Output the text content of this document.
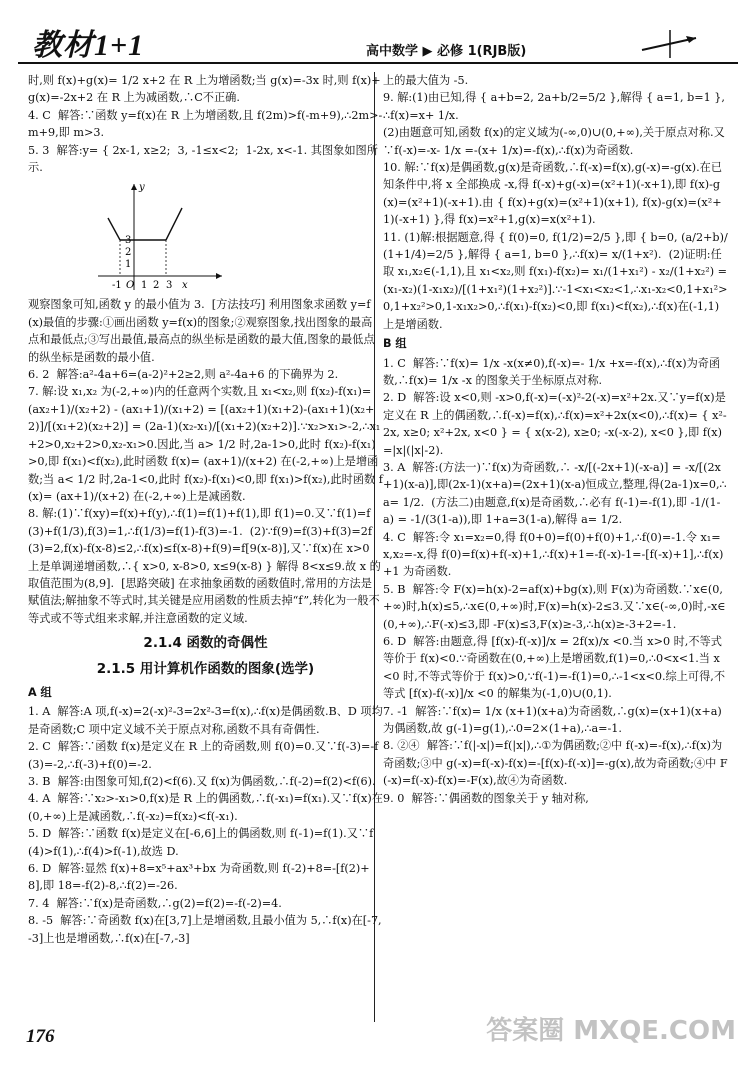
教材1+1	高中数学 ▶ 必修 1(RJB版)

时,则 f(x)+g(x)= 1/2 x+2 在 R 上为增函数;当 g(x)=-3x 时,则 f(x)+g(x)=-2x+2 在 R 上为减函数,∴C不正确.

4. C  解答:∵函数 y=f(x)在 R 上为增函数,且 f(2m)>f(-m+9),∴2m>-m+9,即 m>3.

5. 3  解答:y= { 2x-1, x≥2;  3, -1≤x<2;  1-2x, x<-1. 其图象如图所示.

y
3
2
1
-1 O 1 2 3 x

观察图象可知,函数 y 的最小值为 3.  [方法技巧] 利用图象求函数 y=f(x)最值的步骤:①画出函数 y=f(x)的图象;②观察图象,找出图象的最高点和最低点;③写出最值,最高点的纵坐标是函数的最大值,图象的最低点的纵坐标是函数的最小值.

6. 2  解答:a²-4a+6=(a-2)²+2≥2,则 a²-4a+6 的下确界为 2.

7. 解:设 x₁,x₂ 为(-2,+∞)内的任意两个实数,且 x₁<x₂,则 f(x₂)-f(x₁)= (ax₂+1)/(x₂+2) - (ax₁+1)/(x₁+2) = [(ax₂+1)(x₁+2)-(ax₁+1)(x₂+2)]/[(x₁+2)(x₂+2)] = (2a-1)(x₂-x₁)/[(x₁+2)(x₂+2)].∵x₂>x₁>-2,∴x₁+2>0,x₂+2>0,x₂-x₁>0.因此,当 a> 1/2 时,2a-1>0,此时 f(x₂)-f(x₁)>0,即 f(x₁)<f(x₂),此时函数 f(x)= (ax+1)/(x+2) 在(-2,+∞)上是增函数;当 a< 1/2 时,2a-1<0,此时 f(x₂)-f(x₁)<0,即 f(x₁)>f(x₂),此时函数 f(x)= (ax+1)/(x+2) 在(-2,+∞)上是减函数.

8. 解:(1)∵f(xy)=f(x)+f(y),∴f(1)=f(1)+f(1),即 f(1)=0.又∵f(1)=f(3)+f(1/3),f(3)=1,∴f(1/3)=f(1)-f(3)=-1.  (2)∵f(9)=f(3)+f(3)=2f(3)=2,f(x)-f(x-8)≤2,∴f(x)≤f(x-8)+f(9)=f[9(x-8)],又∵f(x)在 x>0 上是单调递增函数,∴{ x>0, x-8>0, x≤9(x-8) } 解得 8<x≤9.故 x 的取值范围为(8,9].  [思路突破] 在求抽象函数的函数值时,常用的方法是赋值法;解抽象不等式时,其关键是应用函数的性质去掉“f”,转化为一般不等式或不等式组来求解,并注意函数的定义域.

2.1.4 函数的奇偶性
2.1.5 用计算机作函数的图象(选学)
A 组

1. A  解答:A 项,f(-x)=2(-x)²-3=2x²-3=f(x),∴f(x)是偶函数.B、D 项均是奇函数;C 项中定义域不关于原点对称,函数不具有奇偶性.

2. C  解答:∵函数 f(x)是定义在 R 上的奇函数,则 f(0)=0.又∵f(-3)=-f(3)=-2,∴f(-3)+f(0)=-2.

3. B  解答:由图象可知,f(2)<f(6).又 f(x)为偶函数,∴f(-2)=f(2)<f(6).

4. A  解答:∵x₂>-x₁>0,f(x)是 R 上的偶函数,∴f(-x₁)=f(x₁).又∵f(x)在(0,+∞)上是减函数,∴f(-x₂)=f(x₂)<f(-x₁).

5. D  解答:∵函数 f(x)是定义在[-6,6]上的偶函数,则 f(-1)=f(1).又∵f(4)>f(1),∴f(4)>f(-1),故选 D.

6. D  解答:显然 f(x)+8=x⁵+ax³+bx 为奇函数,则 f(-2)+8=-[f(2)+8],即 18=-f(2)-8,∴f(2)=-26.

7. 4  解答:∵f(x)是奇函数,∴g(2)=f(2)=-f(-2)=4.

8. -5  解答:∵奇函数 f(x)在[3,7]上是增函数,且最小值为 5,∴f(x)在[-7,-3]上也是增函数,∴f(x)在[-7,-3]

上的最大值为 -5.

9. 解:(1)由已知,得 { a+b=2, 2a+b/2=5/2 },解得 { a=1, b=1 },∴f(x)=x+ 1/x.

(2)由题意可知,函数 f(x)的定义域为(-∞,0)∪(0,+∞),关于原点对称.又∵f(-x)=-x- 1/x =-(x+ 1/x)=-f(x),∴f(x)为奇函数.

10. 解:∵f(x)是偶函数,g(x)是奇函数,∴f(-x)=f(x),g(-x)=-g(x).在已知条件中,将 x 全部换成 -x,得 f(-x)+g(-x)=(x²+1)(-x+1),即 f(x)-g(x)=(x²+1)(-x+1).由 { f(x)+g(x)=(x²+1)(x+1), f(x)-g(x)=(x²+1)(-x+1) },得 f(x)=x²+1,g(x)=x(x²+1).

11. (1)解:根据题意,得 { f(0)=0, f(1/2)=2/5 },即 { b=0, (a/2+b)/(1+1/4)=2/5 },解得 { a=1, b=0 },∴f(x)= x/(1+x²).  (2)证明:任取 x₁,x₂∈(-1,1),且 x₁<x₂,则 f(x₁)-f(x₂)= x₁/(1+x₁²) - x₂/(1+x₂²) = (x₁-x₂)(1-x₁x₂)/[(1+x₁²)(1+x₂²)].∵-1<x₁<x₂<1,∴x₁-x₂<0,1+x₁²>0,1+x₂²>0,1-x₁x₂>0,∴f(x₁)-f(x₂)<0,即 f(x₁)<f(x₂),∴f(x)在(-1,1)上是增函数.

B 组

1. C  解答:∵f(x)= 1/x -x(x≠0),f(-x)=- 1/x +x=-f(x),∴f(x)为奇函数,∴f(x)= 1/x -x 的图象关于坐标原点对称.

2. D  解答:设 x<0,则 -x>0,f(-x)=(-x)²-2(-x)=x²+2x.又∵y=f(x)是定义在 R 上的偶函数,∴f(-x)=f(x),∴f(x)=x²+2x(x<0),∴f(x)= { x²-2x, x≥0; x²+2x, x<0 } = { x(x-2), x≥0; -x(-x-2), x<0 },即 f(x)=|x|(|x|-2).

3. A  解答:(方法一)∵f(x)为奇函数,∴ -x/[(-2x+1)(-x-a)] = -x/[(2x+1)(x-a)],即(2x-1)(x+a)=(2x+1)(x-a)恒成立,整理,得(2a-1)x=0,∴a= 1/2.  (方法二)由题意,f(x)是奇函数,∴必有 f(-1)=-f(1),即 -1/(1-a) = -1/(3(1-a)),即 1+a=3(1-a),解得 a= 1/2.

4. C  解答:令 x₁=x₂=0,得 f(0+0)=f(0)+f(0)+1,∴f(0)=-1.令 x₁=x,x₂=-x,得 f(0)=f(x)+f(-x)+1,∴f(x)+1=-f(-x)-1=-[f(-x)+1],∴f(x)+1 为奇函数.

5. B  解答:令 F(x)=h(x)-2=af(x)+bg(x),则 F(x)为奇函数.∵x∈(0,+∞)时,h(x)≤5,∴x∈(0,+∞)时,F(x)=h(x)-2≤3.又∵x∈(-∞,0)时,-x∈(0,+∞),∴F(-x)≤3,即 -F(x)≤3,F(x)≥-3,∴h(x)≥-3+2=-1.

6. D  解答:由题意,得 [f(x)-f(-x)]/x = 2f(x)/x <0.当 x>0 时,不等式等价于 f(x)<0.∵奇函数在(0,+∞)上是增函数,f(1)=0,∴0<x<1.当 x<0 时,不等式等价于 f(x)>0,∵f(-1)=-f(1)=0,∴-1<x<0.综上可得,不等式 [f(x)-f(-x)]/x <0 的解集为(-1,0)∪(0,1).

7. -1  解答:∵f(x)= 1/x (x+1)(x+a)为奇函数,∴g(x)=(x+1)(x+a)为偶函数,故 g(-1)=g(1),∴0=2×(1+a),∴a=-1.

8. ②④  解答:∵f(|-x|)=f(|x|),∴①为偶函数;②中 f(-x)=-f(x),∴f(x)为奇函数;③中 g(-x)=f(-x)-f(x)=-[f(x)-f(-x)]=-g(x),故为奇函数;④中 F(-x)=f(-x)-f(x)=-F(x),故④为奇函数.

9. 0  解答:∵偶函数的图象关于 y 轴对称,

176	答案圈 MXQE.COM
